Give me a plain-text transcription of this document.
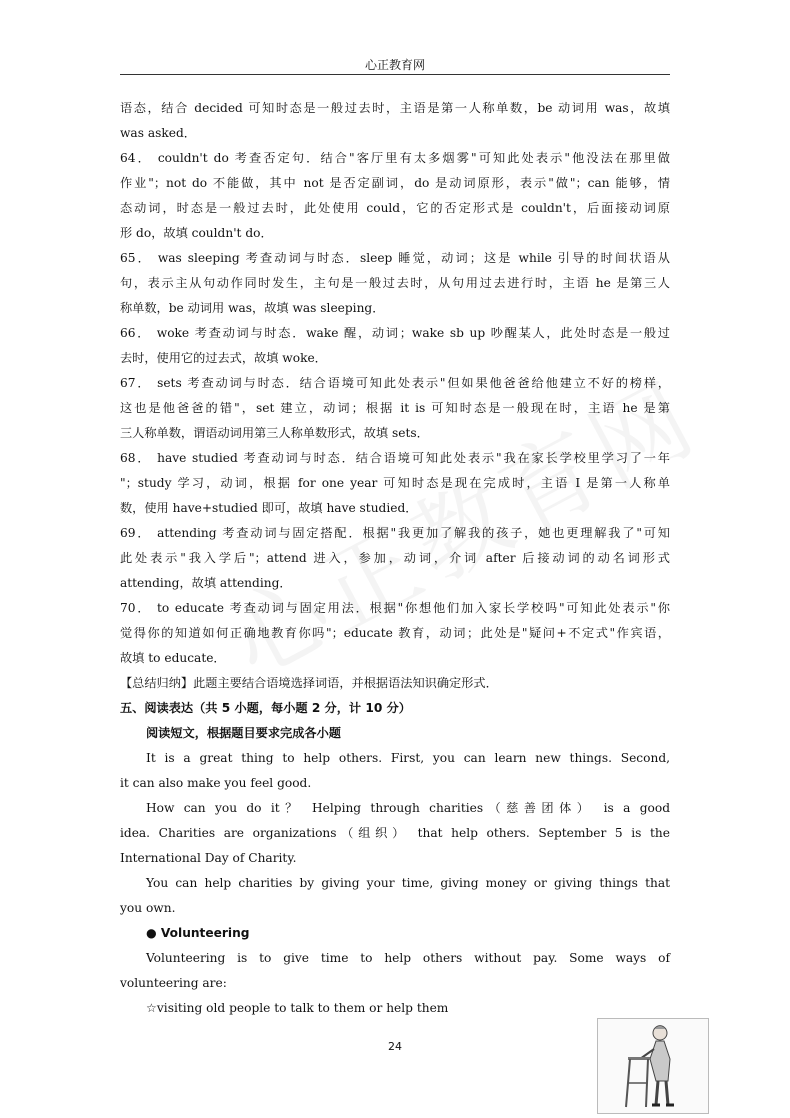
心正教育网
语态，结合 decided 可知时态是一般过去时，主语是第一人称单数，be 动词用 was，故填
was asked．
64． couldn't do 考查否定句．结合"客厅里有太多烟雾"可知此处表示"他没法在那里做
作业"；not do 不能做，其中 not 是否定副词，do 是动词原形，表示"做"；can 能够，情
态动词，时态是一般过去时，此处使用 could，它的否定形式是 couldn't，后面接动词原
形 do，故填 couldn't do．
65． was sleeping 考查动词与时态．sleep 睡觉，动词；这是 while 引导的时间状语从
句，表示主从句动作同时发生，主句是一般过去时，从句用过去进行时，主语 he 是第三人
称单数，be 动词用 was，故填 was sleeping．
66． woke 考查动词与时态．wake 醒，动词；wake sb up 吵醒某人，此处时态是一般过
去时，使用它的过去式，故填 woke．
67． sets 考查动词与时态．结合语境可知此处表示"但如果他爸爸给他建立不好的榜样，
这也是他爸爸的错"，set 建立，动词；根据 it is 可知时态是一般现在时，主语 he 是第
三人称单数，谓语动词用第三人称单数形式，故填 sets．
68． have studied 考查动词与时态．结合语境可知此处表示"我在家长学校里学习了一年
"；study 学习，动词，根据 for one year 可知时态是现在完成时，主语 I 是第一人称单
数，使用 have+studied 即可，故填 have studied．
69． attending 考查动词与固定搭配．根据"我更加了解我的孩子，她也更理解我了"可知
此处表示"我入学后"；attend 进入，参加，动词，介词 after 后接动词的动名词形式
attending，故填 attending．
70． to educate 考查动词与固定用法．根据"你想他们加入家长学校吗"可知此处表示"你
觉得你的知道如何正确地教育你吗"；educate 教育，动词；此处是"疑问+不定式"作宾语，
故填 to educate．
【总结归纳】此题主要结合语境选择词语，并根据语法知识确定形式．
五、阅读表达（共 5 小题，每小题 2 分，计 10 分）
阅读短文，根据题目要求完成各小题
It is a great thing to help others. First, you can learn new things. Second,
it can also make you feel good.
How can you do it？ Helping through charities（慈善团体） is a good
idea. Charities are organizations（组织） that help others. September 5 is the
International Day of Charity.
You can help charities by giving your time, giving money or giving things that
you own.
● Volunteering
Volunteering is to give time to help others without pay. Some ways of
volunteering are:
☆visiting old people to talk to them or help them
24
